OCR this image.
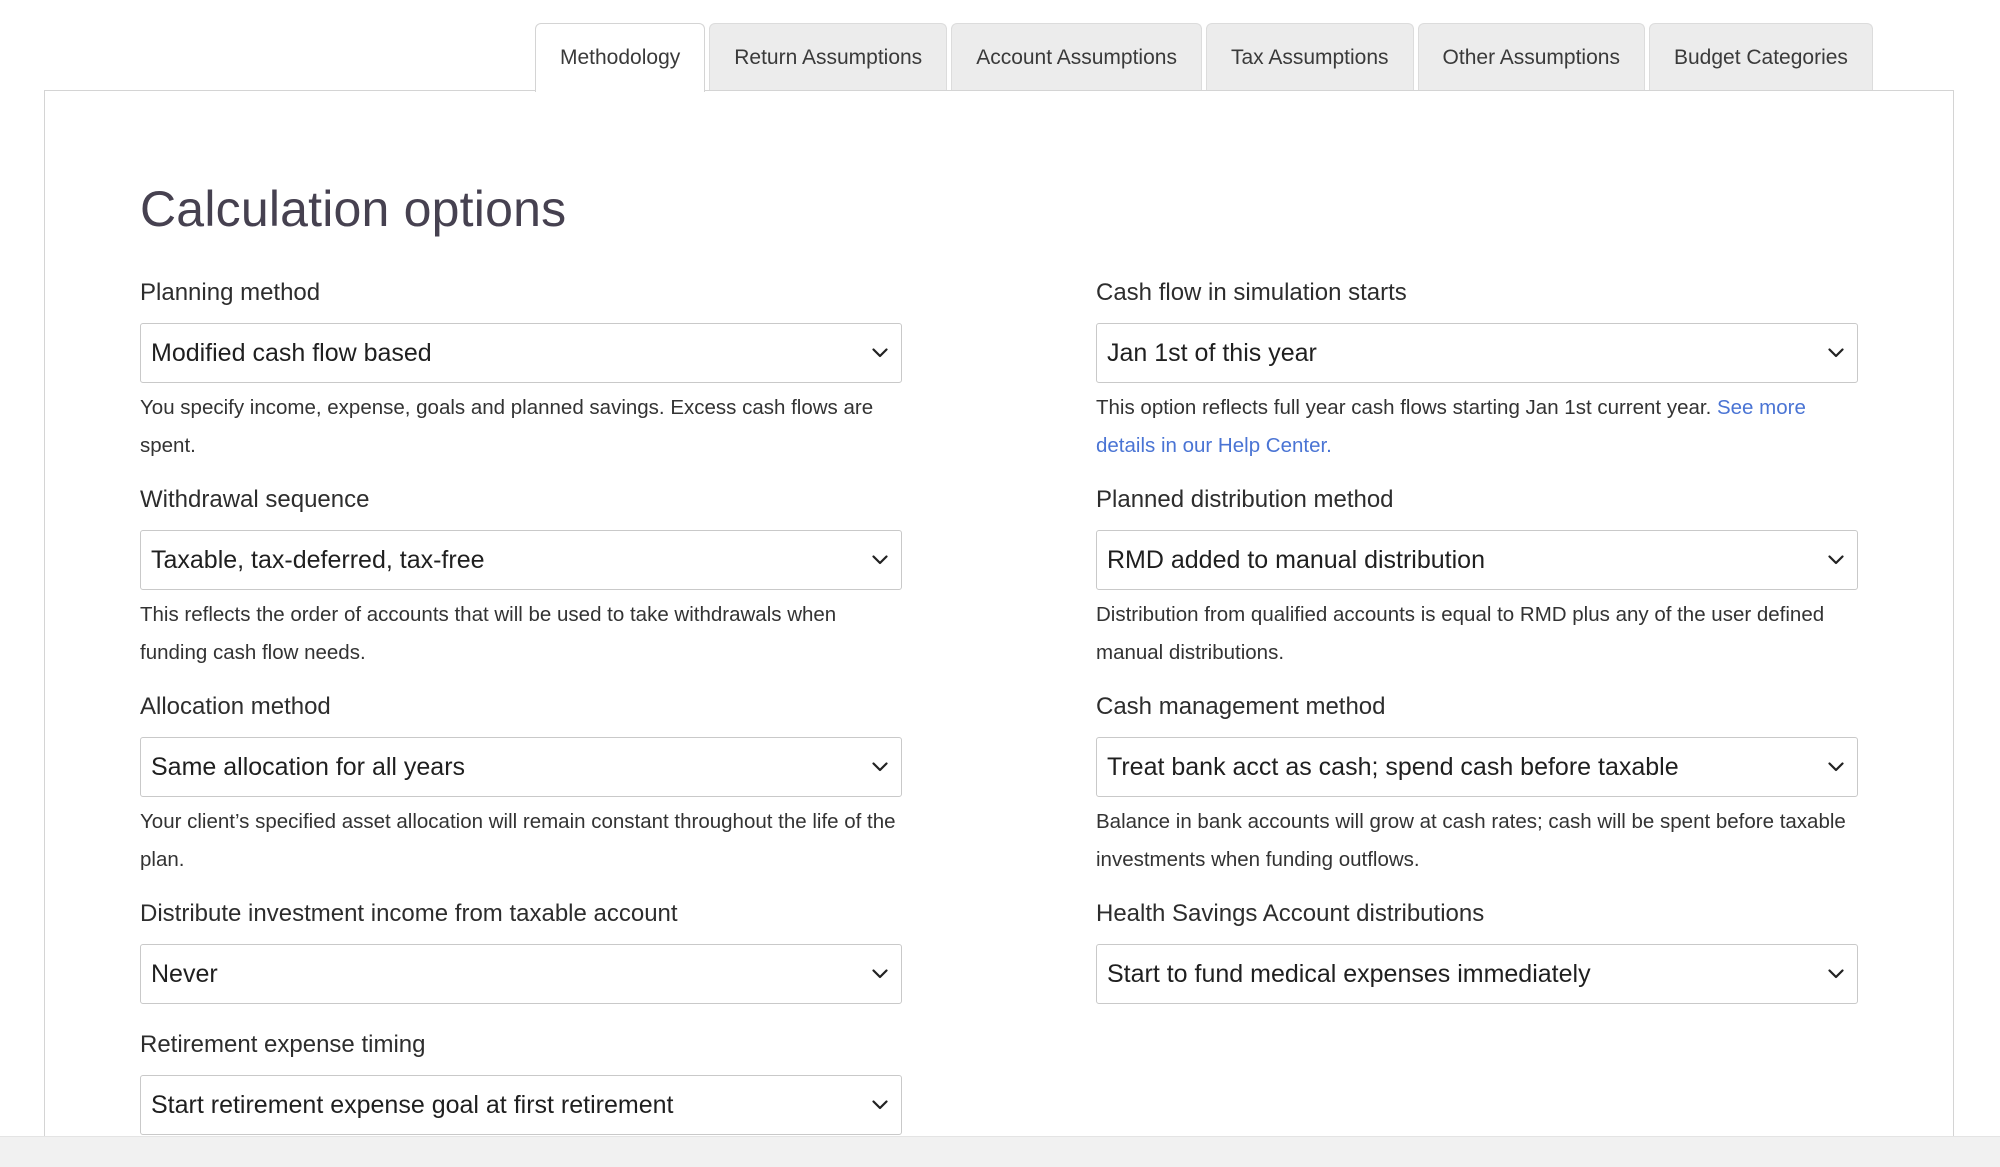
Methodology	Return Assumptions	Account Assumptions	Tax Assumptions	Other Assumptions	Budget Categories
Calculation options
Planning method
Modified cash flow based
You specify income, expense, goals and planned savings. Excess cash flows are spent.
Withdrawal sequence
Taxable, tax-deferred, tax-free
This reflects the order of accounts that will be used to take withdrawals when funding cash flow needs.
Allocation method
Same allocation for all years
Your client’s specified asset allocation will remain constant throughout the life of the plan.
Distribute investment income from taxable account
Never
Retirement expense timing
Start retirement expense goal at first retirement
Cash flow in simulation starts
Jan 1st of this year
This option reflects full year cash flows starting Jan 1st current year. See more details in our Help Center.
Planned distribution method
RMD added to manual distribution
Distribution from qualified accounts is equal to RMD plus any of the user defined manual distributions.
Cash management method
Treat bank acct as cash; spend cash before taxable
Balance in bank accounts will grow at cash rates; cash will be spent before taxable investments when funding outflows.
Health Savings Account distributions
Start to fund medical expenses immediately
